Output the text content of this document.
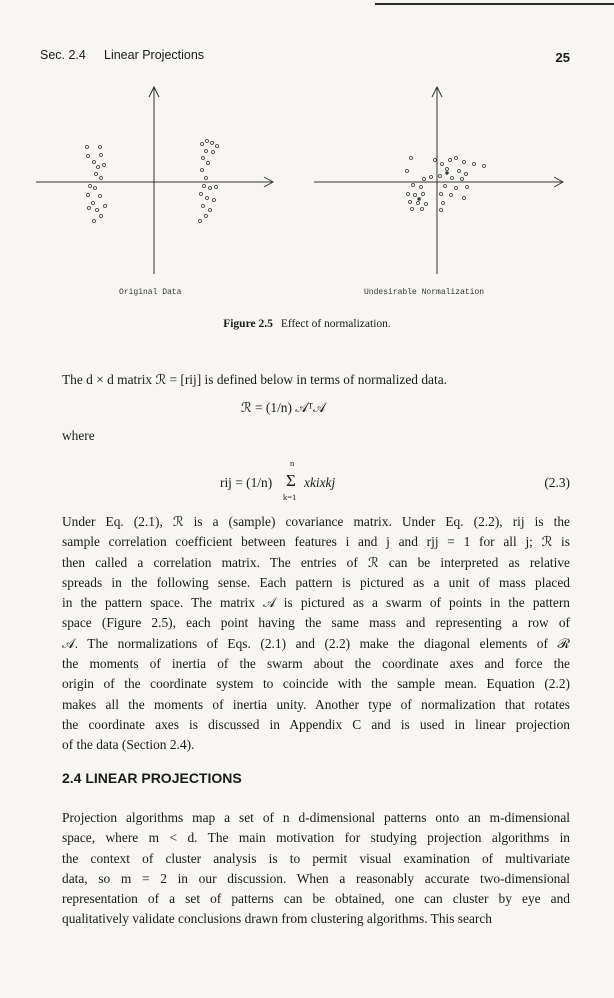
Sec. 2.4 Linear Projections	25
Original Data	Undesirable Normalization
Figure 2.5 Effect of normalization.
The d × d matrix ℛ = [rij] is defined below in terms of normalized data.
ℛ = (1/n) 𝒜ᵀ𝒜
where
rij = (1/n)
n
Σ
k=1
xkixkj	(2.3)
Under Eq. (2.1), ℛ is a (sample) covariance matrix. Under Eq. (2.2), rij is the
sample correlation coefficient between features i and j and rjj = 1 for all j; ℛ is
then called a correlation matrix. The entries of ℛ can be interpreted as relative
spreads in the following sense. Each pattern is pictured as a unit of mass placed
in the pattern space. The matrix 𝒜 is pictured as a swarm of points in the pattern
space (Figure 2.5), each point having the same mass and representing a row of
𝒜. The normalizations of Eqs. (2.1) and (2.2) make the diagonal elements of ℛ
the moments of inertia of the swarm about the coordinate axes and force the
origin of the coordinate system to coincide with the sample mean. Equation (2.2)
makes all the moments of inertia unity. Another type of normalization that rotates
the coordinate axes is discussed in Appendix C and is used in linear projection
of the data (Section 2.4).
2.4 LINEAR PROJECTIONS
Projection algorithms map a set of n d-dimensional patterns onto an m-dimensional
space, where m < d. The main motivation for studying projection algorithms in
the context of cluster analysis is to permit visual examination of multivariate
data, so m = 2 in our discussion. When a reasonably accurate two-dimensional
representation of a set of patterns can be obtained, one can cluster by eye and
qualitatively validate conclusions drawn from clustering algorithms. This search
